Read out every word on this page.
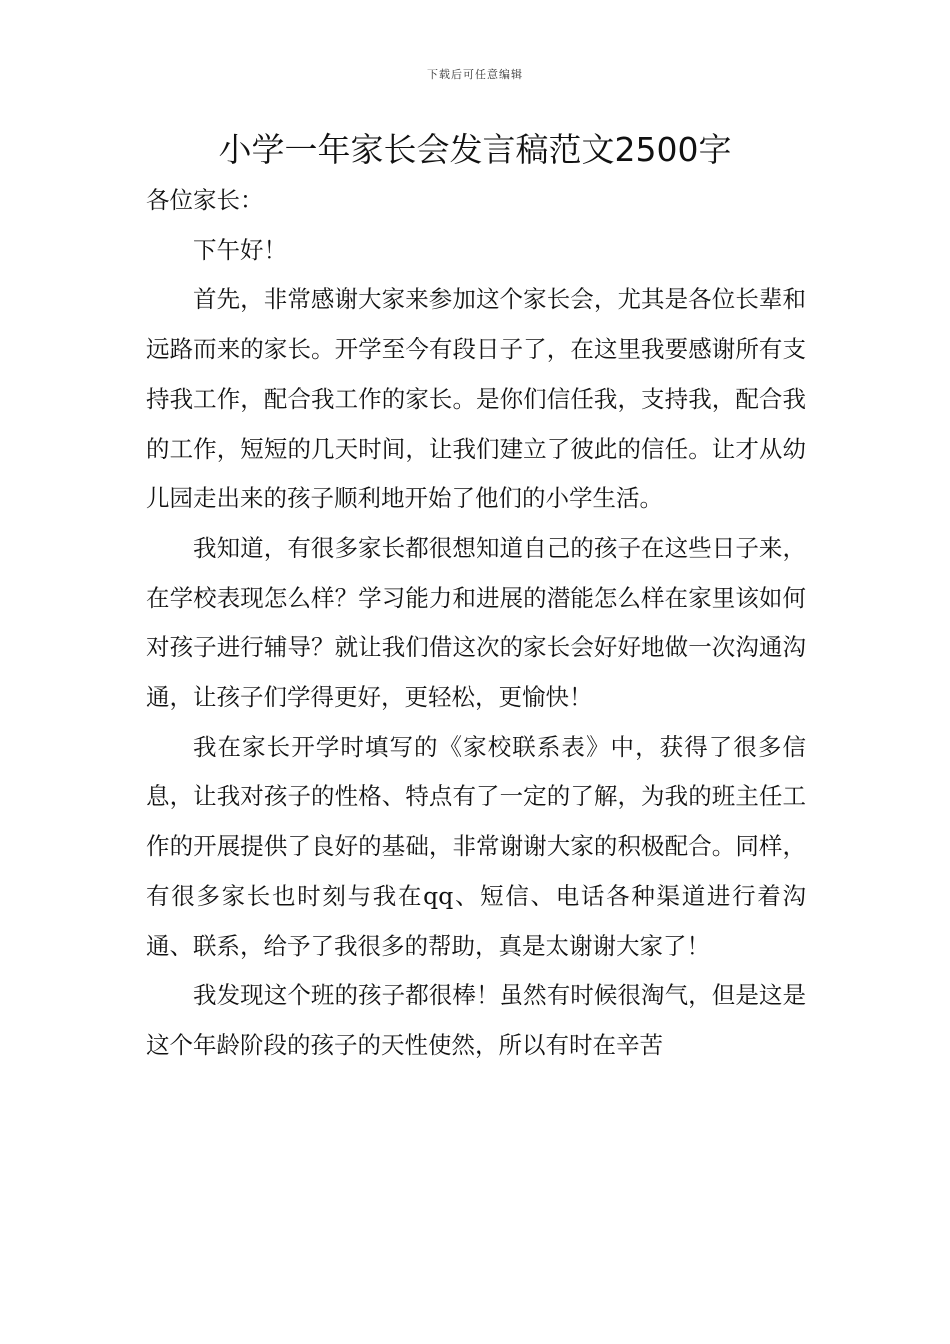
下载后可任意编辑
小学一年家长会发言稿范文2500字

各位家长：

下午好！

首先，非常感谢大家来参加这个家长会，尤其是各位长辈和远路而来的家长。开学至今有段日子了，在这里我要感谢所有支持我工作，配合我工作的家长。是你们信任我，支持我，配合我的工作，短短的几天时间，让我们建立了彼此的信任。让才从幼儿园走出来的孩子顺利地开始了他们的小学生活。

我知道，有很多家长都很想知道自己的孩子在这些日子来，在学校表现怎么样？学习能力和进展的潜能怎么样在家里该如何对孩子进行辅导？就让我们借这次的家长会好好地做一次沟通沟通，让孩子们学得更好，更轻松，更愉快！

我在家长开学时填写的《家校联系表》中，获得了很多信息，让我对孩子的性格、特点有了一定的了解，为我的班主任工作的开展提供了良好的基础，非常谢谢大家的积极配合。同样，有很多家长也时刻与我在qq、短信、电话各种渠道进行着沟通、联系，给予了我很多的帮助，真是太谢谢大家了！

我发现这个班的孩子都很棒！虽然有时候很淘气，但是这是这个年龄阶段的孩子的天性使然，所以有时在辛苦
